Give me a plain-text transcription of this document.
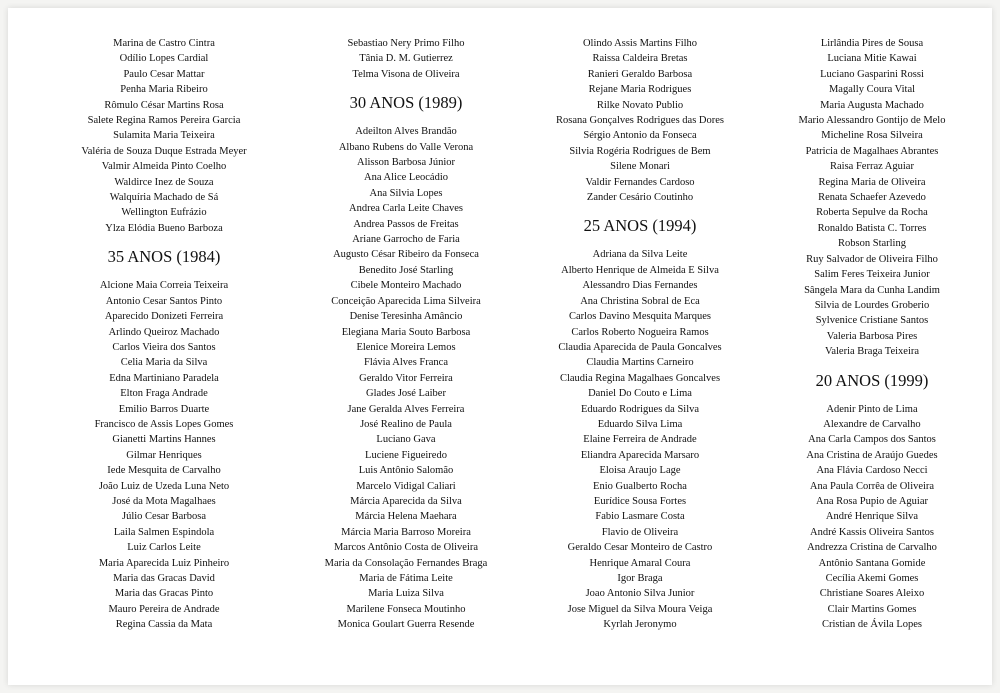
Marina de Castro Cintra
Odílio Lopes Cardial
Paulo Cesar Mattar
Penha Maria Ribeiro
Rômulo César Martins Rosa
Salete Regina Ramos Pereira Garcia
Sulamita Maria Teixeira
Valéria de Souza Duque Estrada Meyer
Valmir Almeida Pinto Coelho
Waldirce Inez de Souza
Walquíria Machado de Sá
Wellington Eufrázio
Ylza Elódia Bueno Barboza
35 ANOS (1984)
Alcione Maia Correia Teixeira
Antonio Cesar Santos Pinto
Aparecido Donizeti Ferreira
Arlindo Queiroz Machado
Carlos Vieira dos Santos
Celia Maria da Silva
Edna Martiniano Paradela
Elton Fraga Andrade
Emilio Barros Duarte
Francisco de Assis Lopes Gomes
Gianetti Martins Hannes
Gilmar Henriques
Iede Mesquita de Carvalho
João Luiz de Uzeda Luna Neto
José da Mota Magalhaes
Júlio Cesar Barbosa
Laila Salmen Espindola
Luiz Carlos Leite
Maria Aparecida Luiz Pinheiro
Maria das Gracas David
Maria das Gracas Pinto
Mauro Pereira de Andrade
Regina Cassia da Mata
Sebastiao Nery Primo Filho
Tânia D. M. Gutierrez
Telma Visona de Oliveira
30 ANOS (1989)
Adeilton Alves Brandão
Albano Rubens do Valle Verona
Alisson Barbosa Júnior
Ana Alice Leocádio
Ana Silvia Lopes
Andrea Carla Leite Chaves
Andrea Passos de Freitas
Ariane Garrocho de Faria
Augusto César Ribeiro da Fonseca
Benedito José Starling
Cibele Monteiro Machado
Conceição Aparecida Lima Silveira
Denise Teresinha Amâncio
Elegiana Maria Souto Barbosa
Elenice Moreira Lemos
Flávia Alves Franca
Geraldo Vitor Ferreira
Glades José Laiber
Jane Geralda Alves Ferreira
José Realino de Paula
Luciano Gava
Luciene Figueiredo
Luis Antônio Salomão
Marcelo Vidigal Caliari
Márcia Aparecida da Silva
Márcia Helena Maehara
Márcia Maria Barroso Moreira
Marcos Antônio Costa de Oliveira
Maria da Consolação Fernandes Braga
Maria de Fátima Leite
Maria Luiza Silva
Marilene Fonseca Moutinho
Monica Goulart Guerra Resende
Olindo Assis Martins Filho
Raissa Caldeira Bretas
Ranieri Geraldo Barbosa
Rejane Maria Rodrigues
Rilke Novato Publio
Rosana Gonçalves Rodrigues das Dores
Sérgio Antonio da Fonseca
Silvia Rogéria Rodrigues de Bem
Silene Monari
Valdir Fernandes Cardoso
Zander Cesário Coutinho
25 ANOS (1994)
Adriana da Silva Leite
Alberto Henrique de Almeida E Silva
Alessandro Dias Fernandes
Ana Christina Sobral de Eca
Carlos Davino Mesquita Marques
Carlos Roberto Nogueira Ramos
Claudia Aparecida de Paula Goncalves
Claudia Martins Carneiro
Claudia Regina Magalhaes Goncalves
Daniel Do Couto e Lima
Eduardo Rodrigues da Silva
Eduardo Silva Lima
Elaine Ferreira de Andrade
Eliandra Aparecida Marsaro
Eloisa Araujo Lage
Enio Gualberto Rocha
Eurídice Sousa Fortes
Fabio Lasmare Costa
Flavio de Oliveira
Geraldo Cesar Monteiro de Castro
Henrique Amaral Coura
Igor Braga
Joao Antonio Silva Junior
Jose Miguel da Silva Moura Veiga
Kyrlah Jeronymo
Lirlândia Pires de Sousa
Luciana Mitie Kawai
Luciano Gasparini Rossi
Magally Coura Vital
Maria Augusta Machado
Mario Alessandro Gontijo de Melo
Micheline Rosa Silveira
Patricia de Magalhaes Abrantes
Raisa Ferraz Aguiar
Regina Maria de Oliveira
Renata Schaefer Azevedo
Roberta Sepulve da Rocha
Ronaldo Batista C. Torres
Robson Starling
Ruy Salvador de Oliveira Filho
Salim Feres Teixeira Junior
Sângela Mara da Cunha Landim
Silvia de Lourdes Groberio
Sylvenice Cristiane Santos
Valeria Barbosa Pires
Valeria Braga Teixeira
20 ANOS (1999)
Adenir Pinto de Lima
Alexandre de Carvalho
Ana Carla Campos dos Santos
Ana Cristina de Araújo Guedes
Ana Flávia Cardoso Necci
Ana Paula Corrêa de Oliveira
Ana Rosa Pupio de Aguiar
André Henrique Silva
André Kassis Oliveira Santos
Andrezza Cristina de Carvalho
Antônio Santana Gomide
Cecília Akemi Gomes
Christiane Soares Aleixo
Clair Martins Gomes
Cristian de Ávila Lopes
